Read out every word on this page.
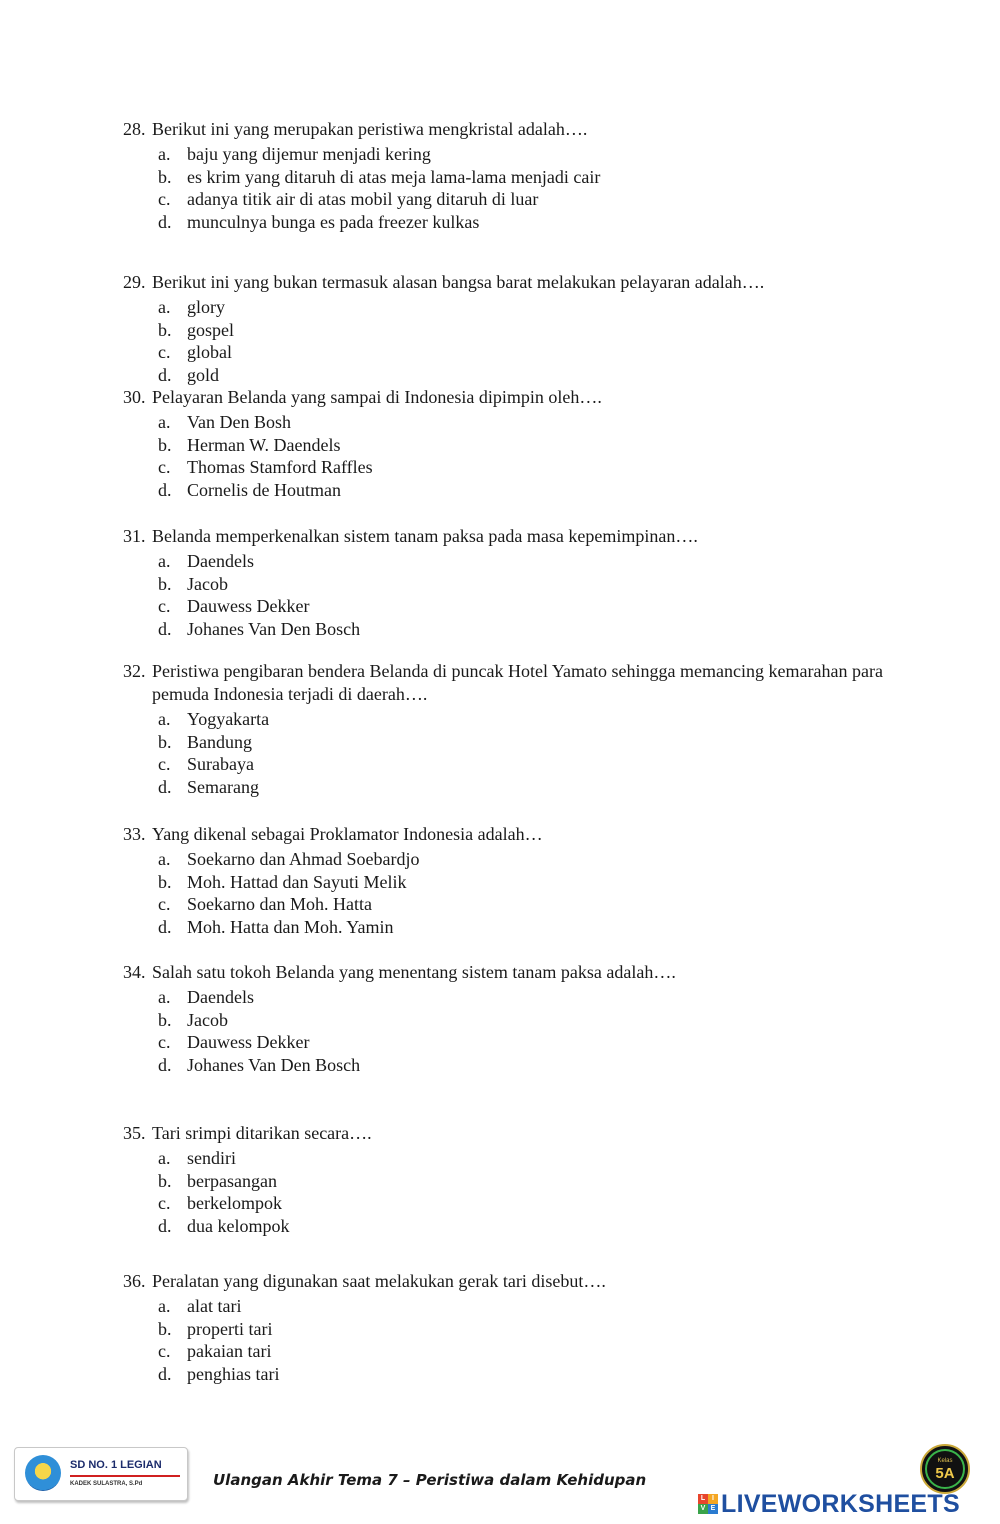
28. Berikut ini yang merupakan peristiwa mengkristal adalah….
a. baju yang dijemur menjadi kering
b. es krim yang ditaruh di atas meja lama-lama menjadi cair
c. adanya titik air di atas mobil yang ditaruh di luar
d. munculnya bunga es pada freezer kulkas
29. Berikut ini yang bukan termasuk alasan bangsa barat melakukan pelayaran adalah….
a. glory
b. gospel
c. global
d. gold
30. Pelayaran Belanda yang sampai di Indonesia dipimpin oleh….
a. Van Den Bosh
b. Herman W. Daendels
c. Thomas Stamford Raffles
d. Cornelis de Houtman
31. Belanda memperkenalkan sistem tanam paksa pada masa kepemimpinan….
a. Daendels
b. Jacob
c. Dauwess Dekker
d. Johanes Van Den Bosch
32. Peristiwa pengibaran bendera Belanda di puncak Hotel Yamato sehingga memancing kemarahan para pemuda Indonesia terjadi di daerah….
a. Yogyakarta
b. Bandung
c. Surabaya
d. Semarang
33. Yang dikenal sebagai Proklamator Indonesia adalah…
a. Soekarno dan Ahmad Soebardjo
b. Moh. Hattad dan Sayuti Melik
c. Soekarno dan Moh. Hatta
d. Moh. Hatta dan Moh. Yamin
34. Salah satu tokoh Belanda yang menentang sistem tanam paksa adalah….
a. Daendels
b. Jacob
c. Dauwess Dekker
d. Johanes Van Den Bosch
35. Tari srimpi ditarikan secara….
a. sendiri
b. berpasangan
c. berkelompok
d. dua kelompok
36. Peralatan yang digunakan saat melakukan gerak tari disebut….
a. alat tari
b. properti tari
c. pakaian tari
d. penghias tari
SD NO. 1 LEGIAN
KADEK SULASTRA, S.Pd	Ulangan Akhir Tema 7 – Peristiwa dalam Kehidupan
Kelas
5A
L I
V E LIVEWORKSHEETS
